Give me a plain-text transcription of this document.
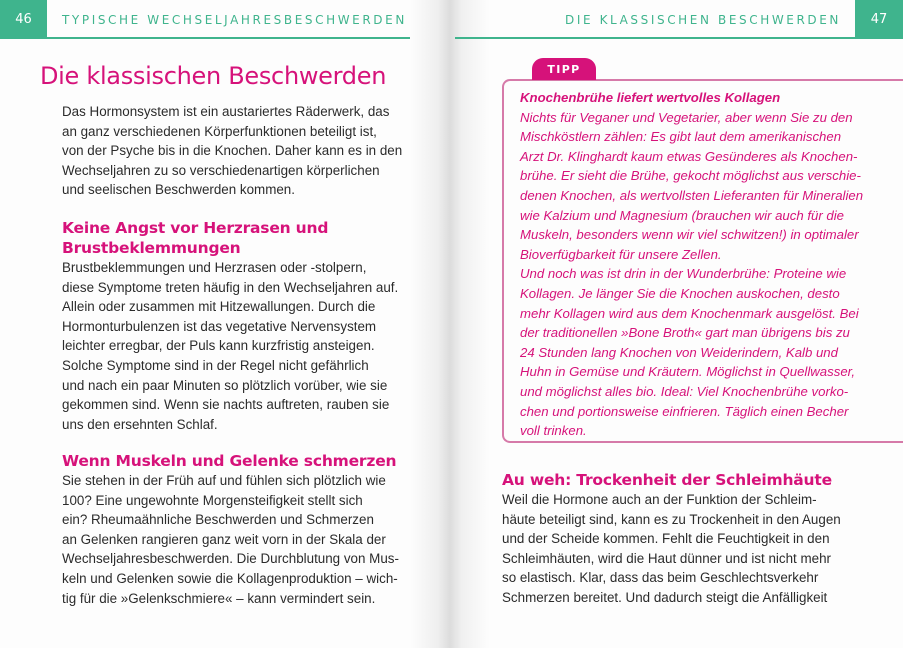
46	TYPISCHE WECHSELJAHRESBESCHWERDEN	DIE KLASSISCHEN BESCHWERDEN	47
Die klassischen Beschwerden
Das Hormonsystem ist ein austariertes Räderwerk, das
an ganz verschiedenen Körperfunktionen beteiligt ist,
von der Psyche bis in die Knochen. Daher kann es in den
Wechseljahren zu so verschiedenartigen körperlichen
und seelischen Beschwerden kommen.
Keine Angst vor Herzrasen und
Brustbeklemmungen
Brustbeklemmungen und Herzrasen oder -stolpern,
diese Symptome treten häufig in den Wechseljahren auf.
Allein oder zusammen mit Hitzewallungen. Durch die
Hormonturbulenzen ist das vegetative Nervensystem
leichter erregbar, der Puls kann kurzfristig ansteigen.
Solche Symptome sind in der Regel nicht gefährlich
und nach ein paar Minuten so plötzlich vorüber, wie sie
gekommen sind. Wenn sie nachts auftreten, rauben sie
uns den ersehnten Schlaf.
Wenn Muskeln und Gelenke schmerzen
Sie stehen in der Früh auf und fühlen sich plötzlich wie
100? Eine ungewohnte Morgensteifigkeit stellt sich
ein? Rheumaähnliche Beschwerden und Schmerzen
an Gelenken rangieren ganz weit vorn in der Skala der
Wechseljahresbeschwerden. Die Durchblutung von Mus-
keln und Gelenken sowie die Kollagenproduktion – wich-
tig für die »Gelenkschmiere« – kann vermindert sein.
TIPP
Knochenbrühe liefert wertvolles Kollagen
Nichts für Veganer und Vegetarier, aber wenn Sie zu den
Mischköstlern zählen: Es gibt laut dem amerikanischen
Arzt Dr. Klinghardt kaum etwas Gesünderes als Knochen-
brühe. Er sieht die Brühe, gekocht möglichst aus verschie-
denen Knochen, als wertvollsten Lieferanten für Mineralien
wie Kalzium und Magnesium (brauchen wir auch für die
Muskeln, besonders wenn wir viel schwitzen!) in optimaler
Bioverfügbarkeit für unsere Zellen.
Und noch was ist drin in der Wunderbrühe: Proteine wie
Kollagen. Je länger Sie die Knochen auskochen, desto
mehr Kollagen wird aus dem Knochenmark ausgelöst. Bei
der traditionellen »Bone Broth« gart man übrigens bis zu
24 Stunden lang Knochen von Weiderindern, Kalb und
Huhn in Gemüse und Kräutern. Möglichst in Quellwasser,
und möglichst alles bio. Ideal: Viel Knochenbrühe vorko-
chen und portionsweise einfrieren. Täglich einen Becher
voll trinken.
Au weh: Trockenheit der Schleimhäute
Weil die Hormone auch an der Funktion der Schleim-
häute beteiligt sind, kann es zu Trockenheit in den Augen
und der Scheide kommen. Fehlt die Feuchtigkeit in den
Schleimhäuten, wird die Haut dünner und ist nicht mehr
so elastisch. Klar, dass das beim Geschlechtsverkehr
Schmerzen bereitet. Und dadurch steigt die Anfälligkeit
